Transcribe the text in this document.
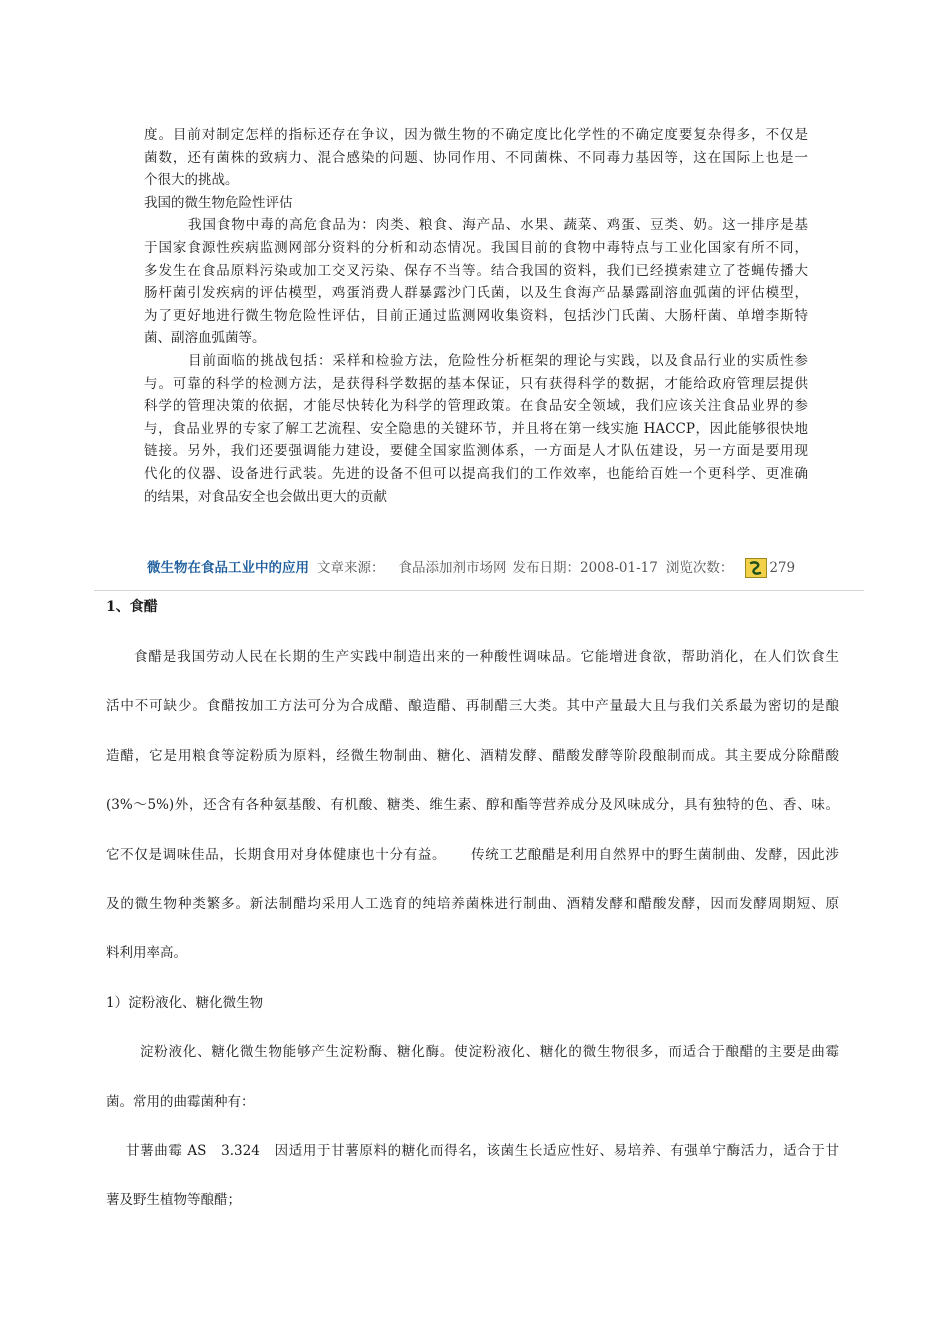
度。目前对制定怎样的指标还存在争议，因为微生物的不确定度比化学性的不确定度要复杂得多，不仅是
菌数，还有菌株的致病力、混合感染的问题、协同作用、不同菌株、不同毒力基因等，这在国际上也是一
个很大的挑战。
我国的微生物危险性评估
我国食物中毒的高危食品为：肉类、粮食、海产品、水果、蔬菜、鸡蛋、豆类、奶。这一排序是基
于国家食源性疾病监测网部分资料的分析和动态情况。我国目前的食物中毒特点与工业化国家有所不同，
多发生在食品原料污染或加工交叉污染、保存不当等。结合我国的资料，我们已经摸索建立了苍蝇传播大
肠杆菌引发疾病的评估模型，鸡蛋消费人群暴露沙门氏菌，以及生食海产品暴露副溶血弧菌的评估模型，
为了更好地进行微生物危险性评估，目前正通过监测网收集资料，包括沙门氏菌、大肠杆菌、单增李斯特
菌、副溶血弧菌等。
目前面临的挑战包括：采样和检验方法，危险性分析框架的理论与实践，以及食品行业的实质性参
与。可靠的科学的检测方法，是获得科学数据的基本保证，只有获得科学的数据，才能给政府管理层提供
科学的管理决策的依据，才能尽快转化为科学的管理政策。在食品安全领域，我们应该关注食品业界的参
与，食品业界的专家了解工艺流程、安全隐患的关键环节，并且将在第一线实施 HACCP，因此能够很快地
链接。另外，我们还要强调能力建设，要健全国家监测体系，一方面是人才队伍建设，另一方面是要用现
代化的仪器、设备进行武装。先进的设备不但可以提高我们的工作效率，也能给百姓一个更科学、更准确
的结果，对食品安全也会做出更大的贡献
微生物在食品工业中的应用 文章来源： 食品添加剂市场网 发布日期： 2008-01-17 浏览次数：	279
1、食醋
食醋是我国劳动人民在长期的生产实践中制造出来的一种酸性调味品。它能增进食欲，帮助消化，在人们饮食生
活中不可缺少。食醋按加工方法可分为合成醋、酿造醋、再制醋三大类。其中产量最大且与我们关系最为密切的是酿
造醋，它是用粮食等淀粉质为原料，经微生物制曲、糖化、酒精发酵、醋酸发酵等阶段酿制而成。其主要成分除醋酸
(3%～5%)外，还含有各种氨基酸、有机酸、糖类、维生素、醇和酯等营养成分及风味成分，具有独特的色、香、味。
它不仅是调味佳品，长期食用对身体健康也十分有益。     传统工艺酿醋是利用自然界中的野生菌制曲、发酵，因此涉
及的微生物种类繁多。新法制醋均采用人工选育的纯培养菌株进行制曲、酒精发酵和醋酸发酵，因而发酵周期短、原
料利用率高。
1）淀粉液化、糖化微生物
淀粉液化、糖化微生物能够产生淀粉酶、糖化酶。使淀粉液化、糖化的微生物很多，而适合于酿醋的主要是曲霉
菌。常用的曲霉菌种有：
甘薯曲霉 AS   3.324   因适用于甘薯原料的糖化而得名，该菌生长适应性好、易培养、有强单宁酶活力，适合于甘
薯及野生植物等酿醋；
